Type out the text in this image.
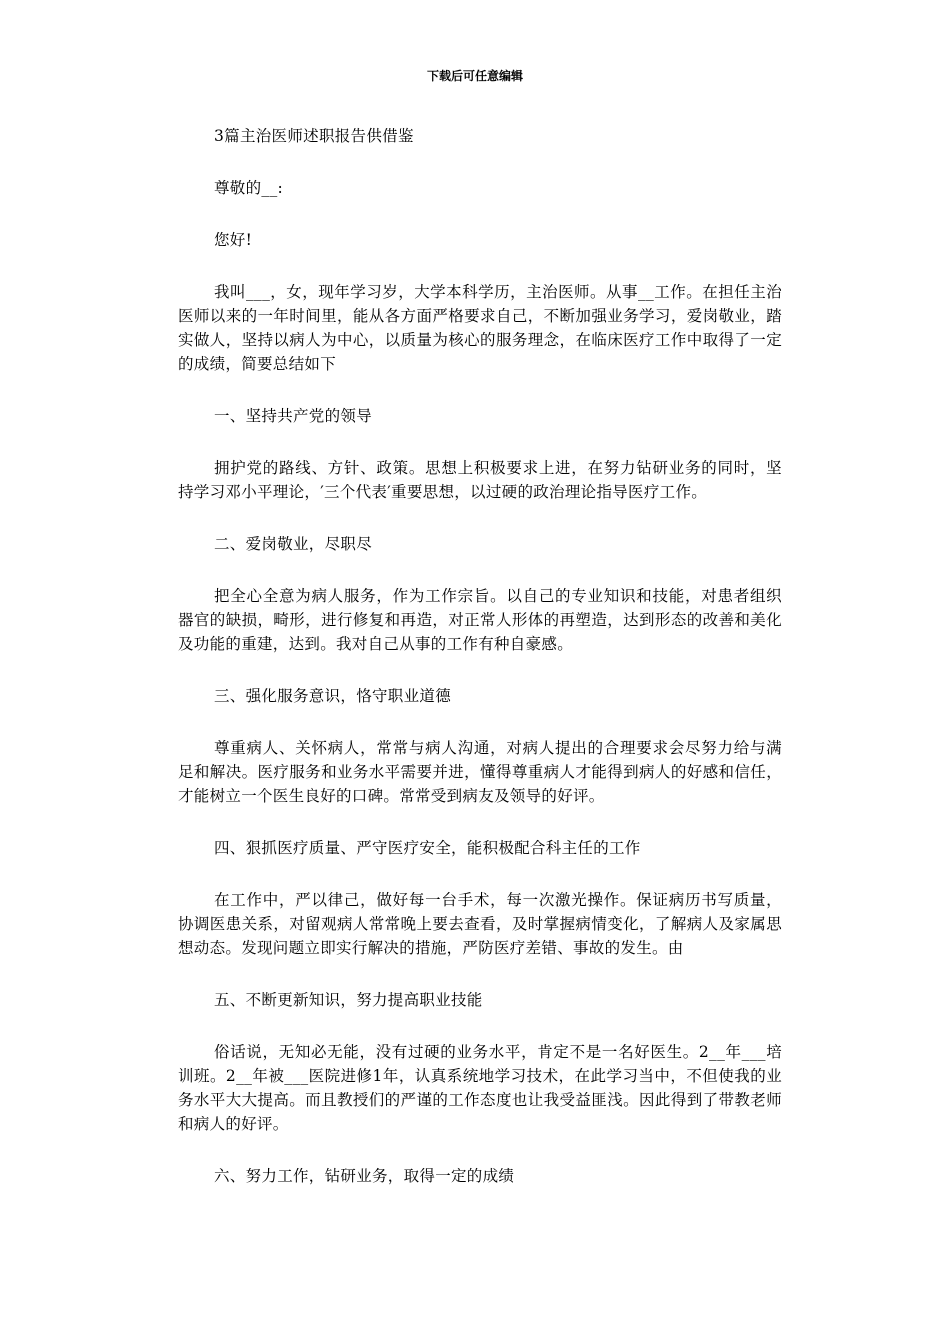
下载后可任意编辑

3篇主治医师述职报告供借鉴

尊敬的__:

您好!

我叫___，女，现年学习岁，大学本科学历，主治医师。从事__工作。在担任主治医师以来的一年时间里，能从各方面严格要求自己，不断加强业务学习，爱岗敬业，踏实做人，坚持以病人为中心，以质量为核心的服务理念，在临床医疗工作中取得了一定的成绩，简要总结如下

一、坚持共产党的领导

拥护党的路线、方针、政策。思想上积极要求上进，在努力钻研业务的同时，坚持学习邓小平理论，′三个代表′重要思想，以过硬的政治理论指导医疗工作。

二、爱岗敬业，尽职尽

把全心全意为病人服务，作为工作宗旨。以自己的专业知识和技能，对患者组织器官的缺损，畸形，进行修复和再造，对正常人形体的再塑造，达到形态的改善和美化及功能的重建，达到。我对自己从事的工作有种自豪感。

三、强化服务意识，恪守职业道德

尊重病人、关怀病人，常常与病人沟通，对病人提出的合理要求会尽努力给与满足和解决。医疗服务和业务水平需要并进，懂得尊重病人才能得到病人的好感和信任，才能树立一个医生良好的口碑。常常受到病友及领导的好评。

四、狠抓医疗质量、严守医疗安全，能积极配合科主任的工作

在工作中，严以律己，做好每一台手术，每一次激光操作。保证病历书写质量，协调医患关系，对留观病人常常晚上要去查看，及时掌握病情变化，了解病人及家属思想动态。发现问题立即实行解决的措施，严防医疗差错、事故的发生。由

五、不断更新知识，努力提高职业技能

俗话说，无知必无能，没有过硬的业务水平，肯定不是一名好医生。2__年___培训班。2__年被___医院进修1年，认真系统地学习技术，在此学习当中，不但使我的业务水平大大提高。而且教授们的严谨的工作态度也让我受益匪浅。因此得到了带教老师和病人的好评。

六、努力工作，钻研业务，取得一定的成绩
